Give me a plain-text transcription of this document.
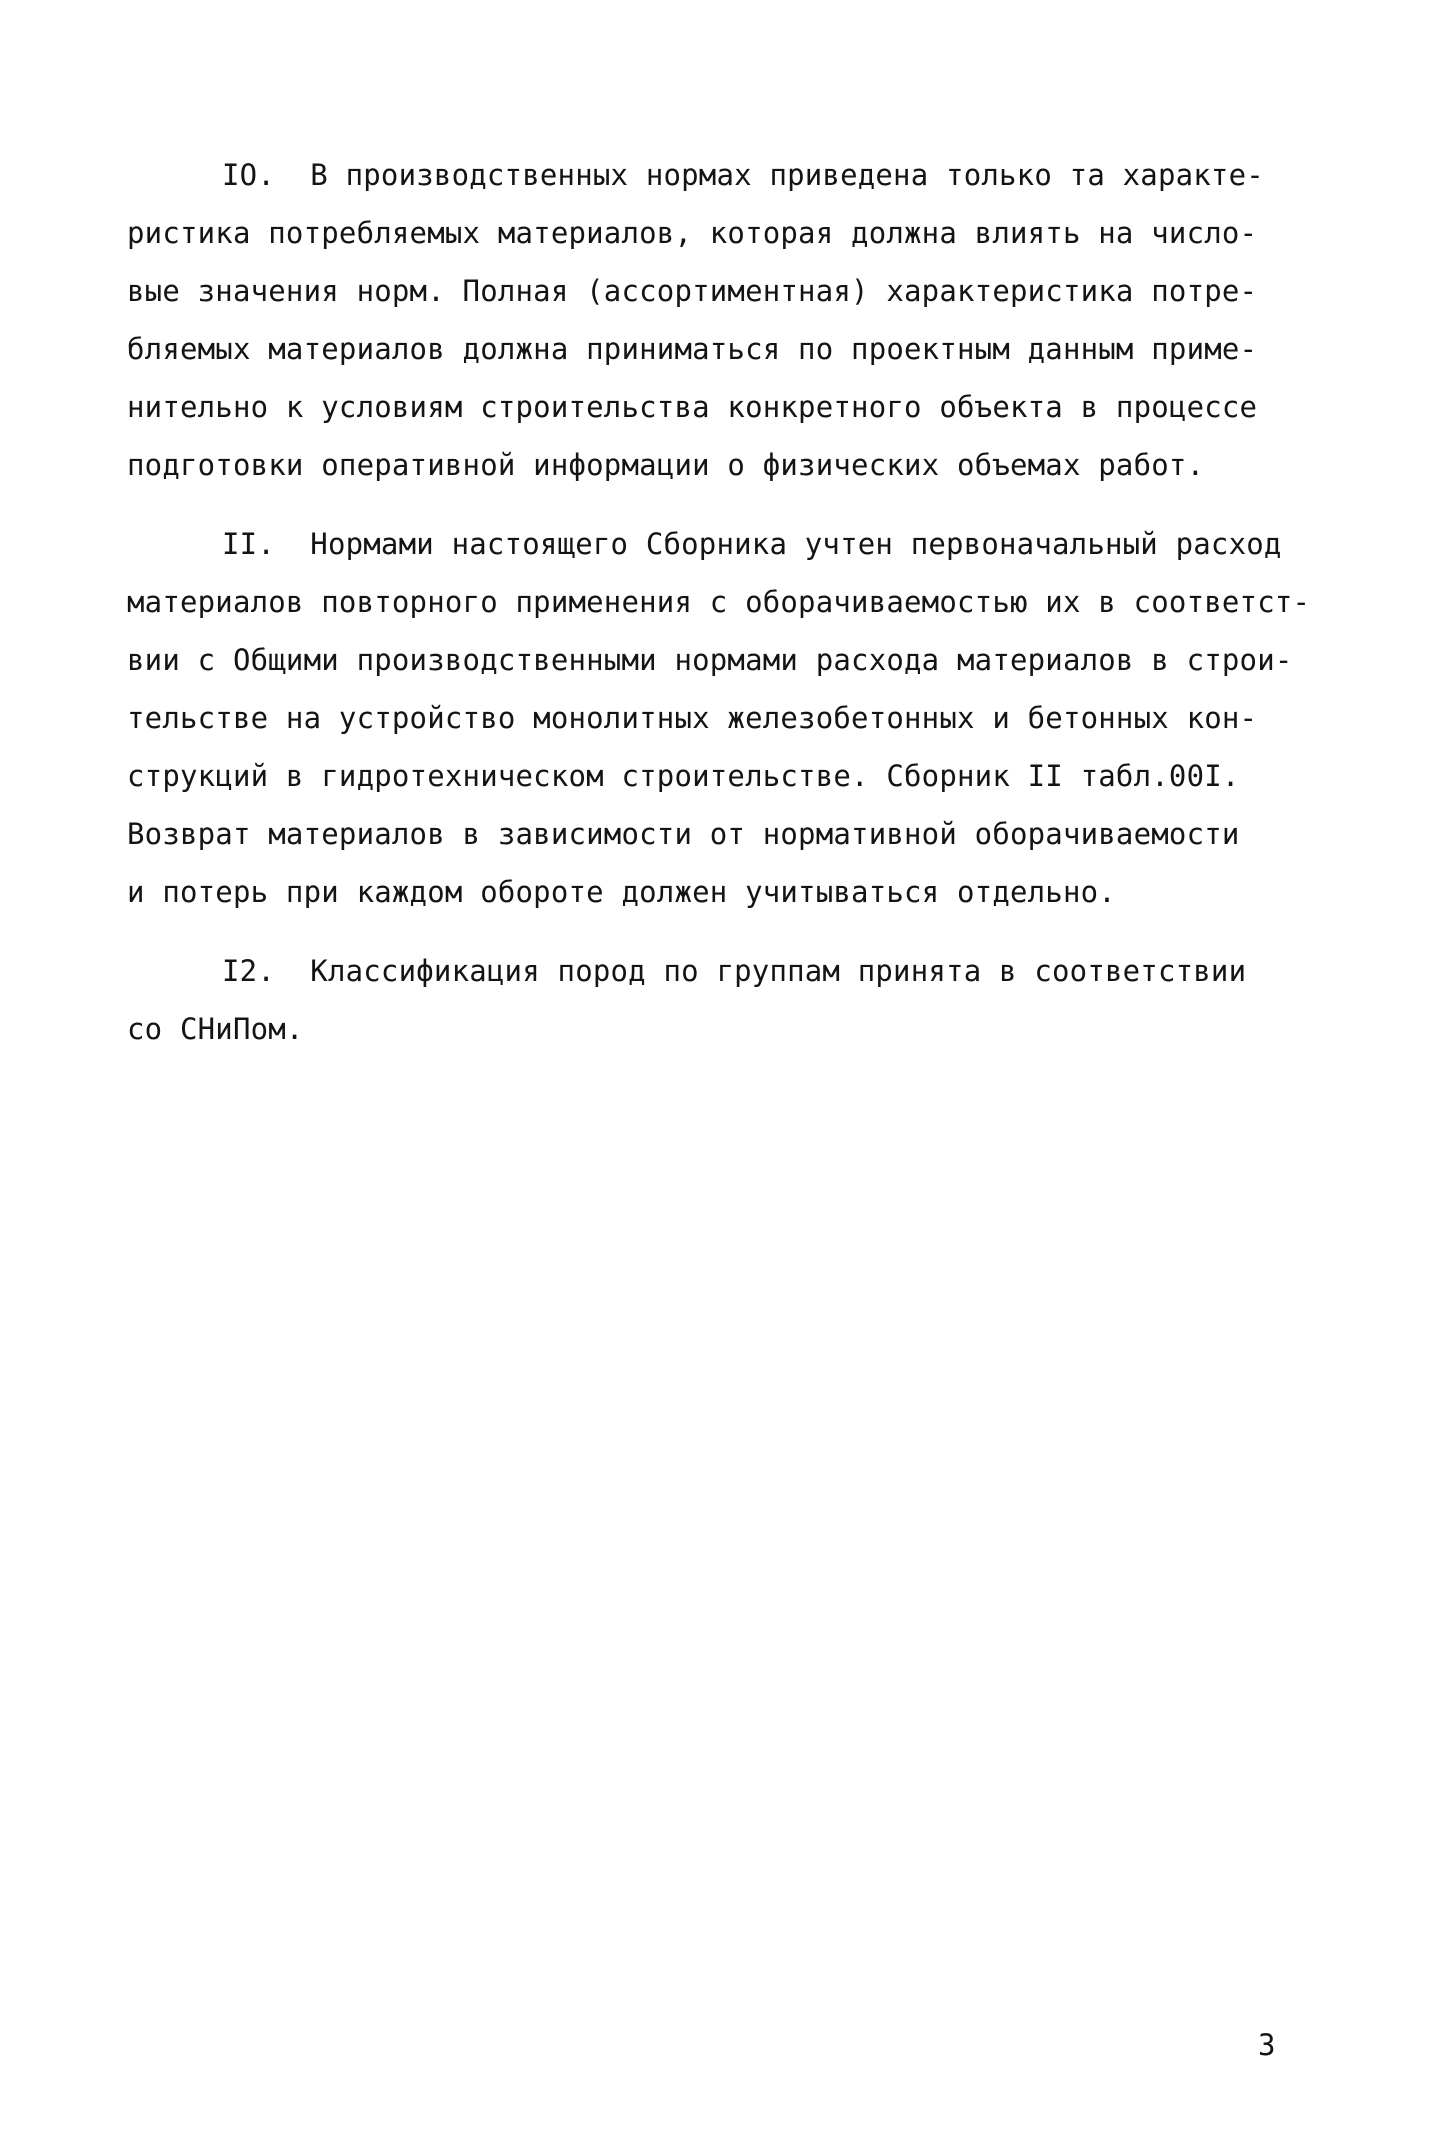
IO.  В производственных нормах приведена только та характе-
ристика потребляемых материалов, которая должна влиять на число-
вые значения норм. Полная (ассортиментная) характеристика потре-
бляемых материалов должна приниматься по проектным данным приме-
нительно к условиям строительства конкретного объекта в процессе
подготовки оперативной информации о физических объемах работ.
II.  Нормами настоящего Сборника учтен первоначальный расход
материалов повторного применения с оборачиваемостью их в соответст-
вии с Общими производственными нормами расхода материалов в строи-
тельстве на устройство монолитных железобетонных и бетонных кон-
струкций в гидротехническом строительстве. Сборник II табл.00I.
Возврат материалов в зависимости от нормативной оборачиваемости
и потерь при каждом обороте должен учитываться отдельно.
I2.  Классификация пород по группам принята в соответствии
со СНиПом.
3
